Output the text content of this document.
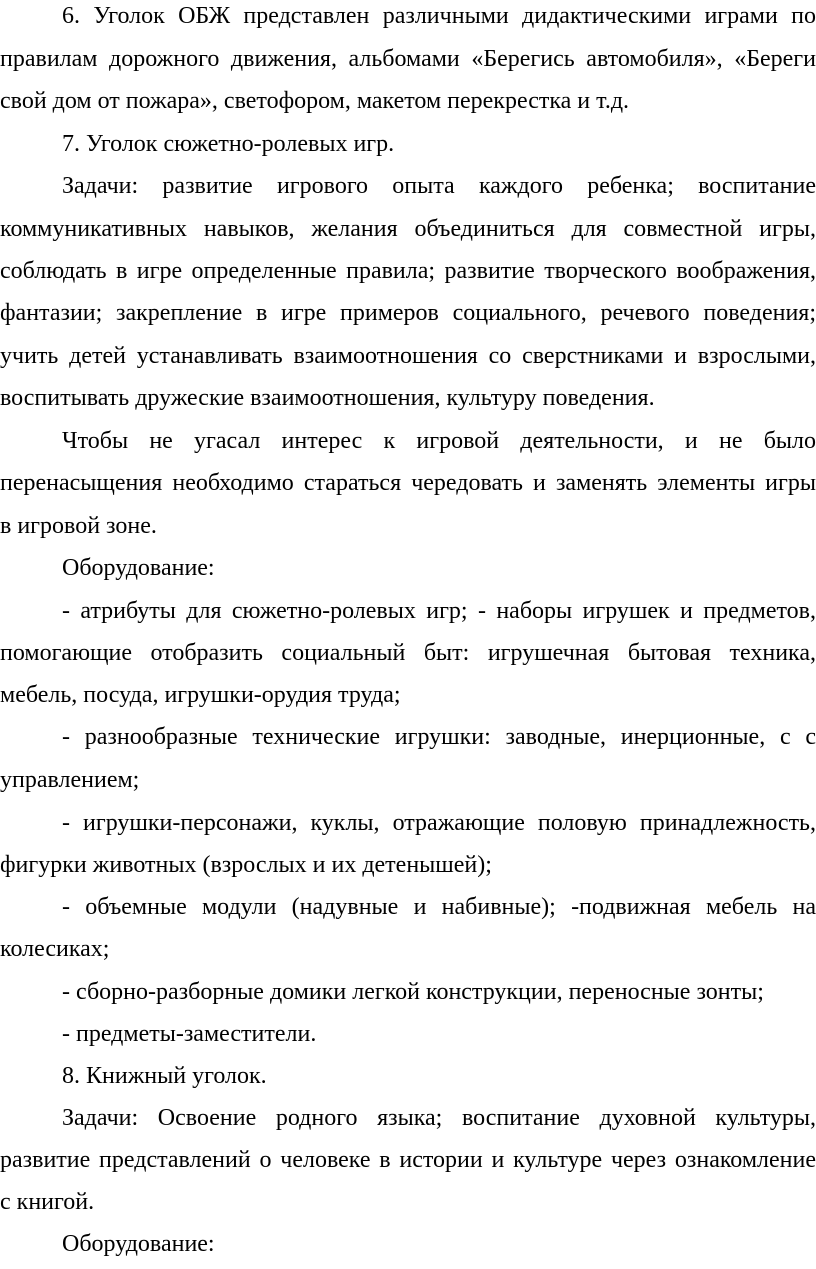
6. Уголок ОБЖ представлен различными дидактическими играми по
правилам дорожного движения, альбомами «Берегись автомобиля», «Береги
свой дом от пожара», светофором, макетом перекрестка и т.д.
7. Уголок сюжетно-ролевых игр.
Задачи: развитие игрового опыта каждого ребенка; воспитание
коммуникативных навыков, желания объединиться для совместной игры,
соблюдать в игре определенные правила; развитие творческого воображения,
фантазии; закрепление в игре примеров социального, речевого поведения;
учить детей устанавливать взаимоотношения со сверстниками и взрослыми,
воспитывать дружеские взаимоотношения, культуру поведения.
Чтобы не угасал интерес к игровой деятельности, и не было
перенасыщения необходимо стараться чередовать и заменять элементы игры
в игровой зоне.
Оборудование:
- атрибуты для сюжетно-ролевых игр; - наборы игрушек и предметов,
помогающие отобразить социальный быт: игрушечная бытовая техника,
мебель, посуда, игрушки-орудия труда;
- разнообразные технические игрушки: заводные, инерционные, с с
управлением;
- игрушки-персонажи, куклы, отражающие половую принадлежность,
фигурки животных (взрослых и их детенышей);
- объемные модули (надувные и набивные); -подвижная мебель на
колесиках;
- сборно-разборные домики легкой конструкции, переносные зонты;
- предметы-заместители.
8. Книжный уголок.
Задачи: Освоение родного языка; воспитание духовной культуры,
развитие представлений о человеке в истории и культуре через ознакомление
с книгой.
Оборудование:
